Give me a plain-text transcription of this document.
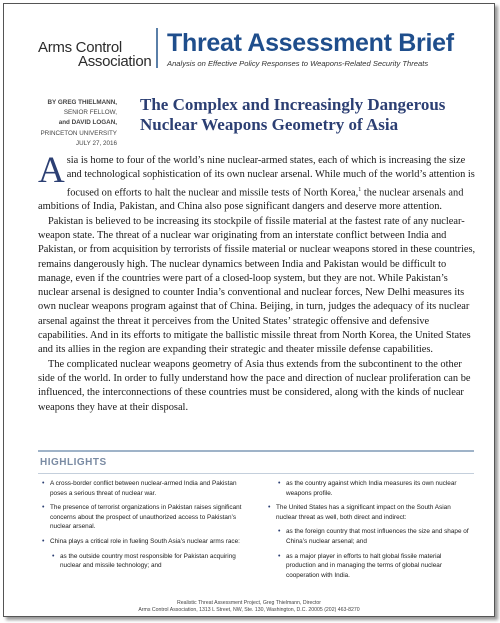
Arms Control
Association
Threat Assessment Brief
Analysis on Effective Policy Responses to Weapons-Related Security Threats
BY GREG THIELMANN,
SENIOR FELLOW,
and DAVID LOGAN,
PRINCETON UNIVERSITY
JULY 27, 2016
The Complex and Increasingly Dangerous Nuclear Weapons Geometry of Asia

Asia is home to four of the world’s nine nuclear-armed states, each of which is increasing the size and technological sophistication of its own nuclear arsenal. While much of the world’s attention is focused on efforts to halt the nuclear and missile tests of North Korea,$^1$ the nuclear arsenals and ambitions of India, Pakistan, and China also pose significant dangers and deserve more attention.

Pakistan is believed to be increasing its stockpile of fissile material at the fastest rate of any nuclear-weapon state. The threat of a nuclear war originating from an interstate conflict between India and Pakistan, or from acquisition by terrorists of fissile material or nuclear weapons stored in these countries, remains dangerously high. The nuclear dynamics between India and Pakistan would be difficult to manage, even if the countries were part of a closed-loop system, but they are not. While Pakistan’s nuclear arsenal is designed to counter India’s conventional and nuclear forces, New Delhi measures its own nuclear weapons program against that of China. Beijing, in turn, judges the adequacy of its nuclear arsenal against the threat it perceives from the United States’ strategic offensive and defensive capabilities. And in its efforts to mitigate the ballistic missile threat from North Korea, the United States and its allies in the region are expanding their strategic and theater missile defense capabilities.

The complicated nuclear weapons geometry of Asia thus extends from the subcontinent to the other side of the world. In order to fully understand how the pace and direction of nuclear proliferation can be influenced, the interconnections of these countries must be considered, along with the kinds of nuclear weapons they have at their disposal.

HIGHLIGHTS
• A cross-border conflict between nuclear-armed India and Pakistan poses a serious threat of nuclear war.
• The presence of terrorist organizations in Pakistan raises significant concerns about the prospect of unauthorized access to Pakistan’s nuclear arsenal.
• China plays a critical role in fueling South Asia’s nuclear arms race:
• as the outside country most responsible for Pakistan acquiring nuclear and missile technology; and
• as the country against which India measures its own nuclear weapons profile.
• The United States has a significant impact on the South Asian nuclear threat as well, both direct and indirect:
• as the foreign country that most influences the size and shape of China’s nuclear arsenal; and
• as a major player in efforts to halt global fissile material production and in managing the terms of global nuclear cooperation with India.
Realistic Threat Assessment Project, Greg Thielmann, Director
Arms Control Association, 1313 L Street, NW, Ste. 130, Washington, D.C. 20005 (202) 463-8270
